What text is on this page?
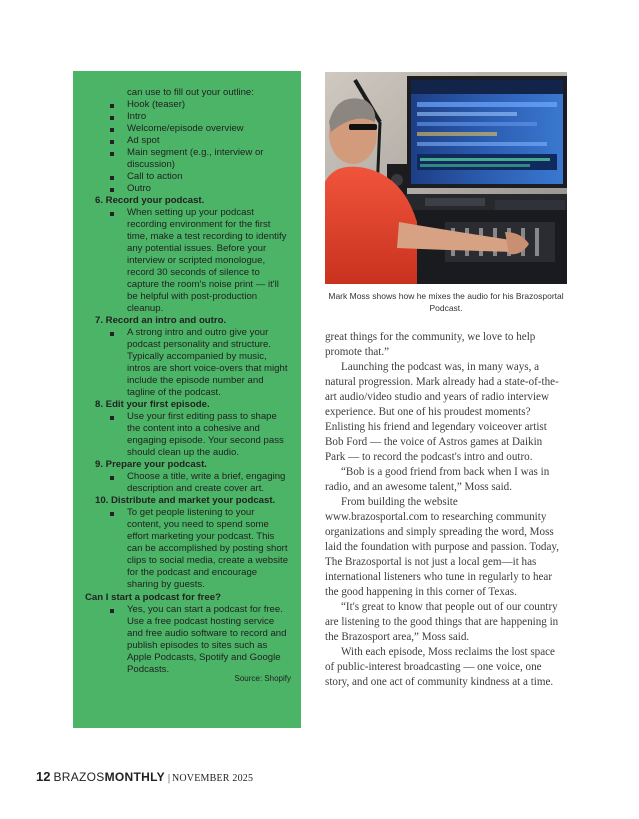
can use to fill out your outline:
Hook (teaser)
Intro
Welcome/episode overview
Ad spot
Main segment (e.g., interview or discussion)
Call to action
Outro
6. Record your podcast.
When setting up your podcast recording environment for the first time, make a test recording to identify any potential issues. Before your interview or scripted monologue, record 30 seconds of silence to capture the room's noise print — it'll be helpful with post-production cleanup.
7. Record an intro and outro.
A strong intro and outro give your podcast personality and structure. Typically accompanied by music, intros are short voice-overs that might include the episode number and tagline of the podcast.
8. Edit your first episode.
Use your first editing pass to shape the content into a cohesive and engaging episode. Your second pass should clean up the audio.
9. Prepare your podcast.
Choose a title, write a brief, engaging description and create cover art.
10. Distribute and market your podcast.
To get people listening to your content, you need to spend some effort marketing your podcast. This can be accomplished by posting short clips to social media, create a website for the podcast and encourage sharing by guests.
Can I start a podcast for free?
Yes, you can start a podcast for free. Use a free podcast hosting service and free audio software to record and publish episodes to sites such as Apple Podcasts, Spotify and Google Podcasts.
Source: Shopify
Mark Moss shows how he mixes the audio for his Brazosportal Podcast.

great things for the community, we love to help promote that.”

Launching the podcast was, in many ways, a natural progression. Mark already had a state-of-the-art audio/video studio and years of radio interview experience. But one of his proudest moments? Enlisting his friend and legendary voiceover artist Bob Ford — the voice of Astros games at Daikin Park — to record the podcast's intro and outro.

“Bob is a good friend from back when I was in radio, and an awesome talent,” Moss said.

From building the website www.brazosportal.com to researching community organizations and simply spreading the word, Moss laid the foundation with purpose and passion. Today, The Brazosportal is not just a local gem—it has international listeners who tune in regularly to hear the good happening in this corner of Texas.

“It's great to know that people out of our country are listening to the good things that are happening in the Brazosport area,” Moss said.

With each episode, Moss reclaims the lost space of public-interest broadcasting — one voice, one story, and one act of community kindness at a time.

12 BRAZOSMONTHLY | NOVEMBER 2025
